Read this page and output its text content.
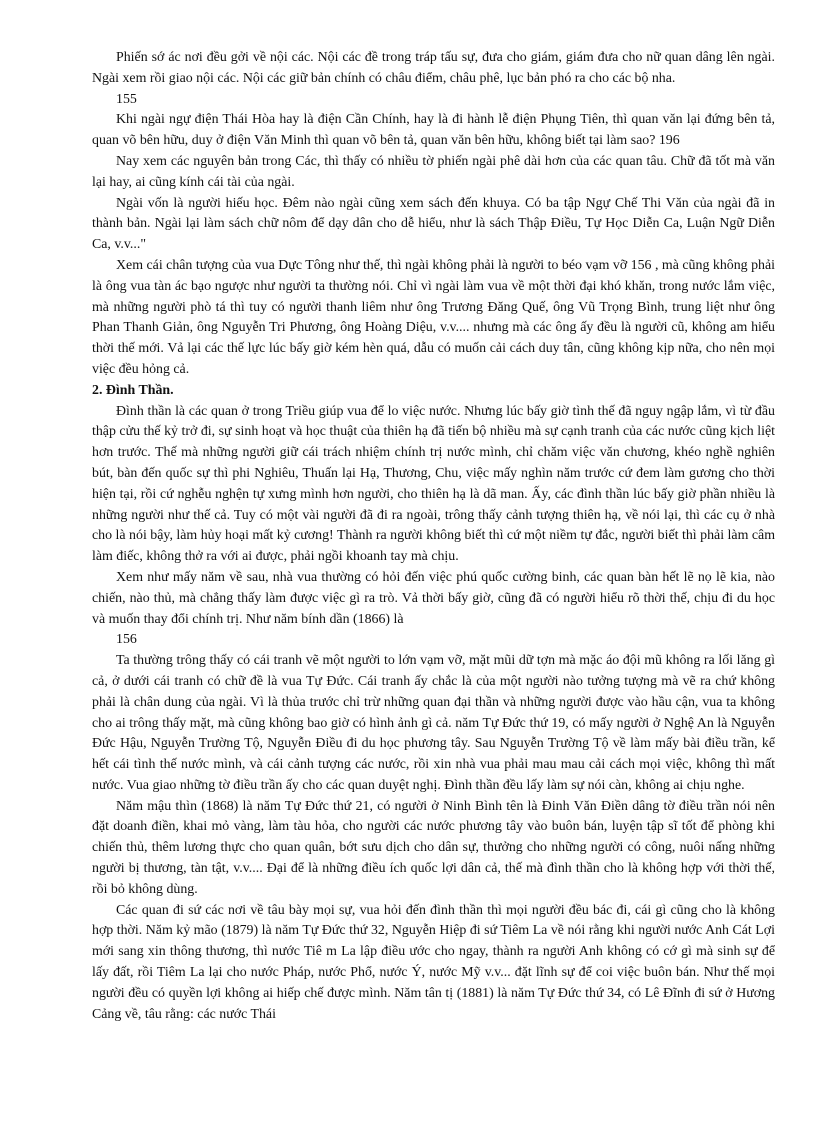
Phiến sớ ác nơi đều gởi về nội các. Nội các đề trong tráp tấu sự, đưa cho giám, giám đưa cho nữ quan dâng lên ngài. Ngài xem rồi giao nội các. Nội các giữ bản chính có châu điểm, châu phê, lục bản phó ra cho các bộ nha.

155

Khi ngài ngự điện Thái Hòa hay là điện Cần Chính, hay là đi hành lễ điện Phụng Tiên, thì quan văn lại đứng bên tả, quan võ bên hữu, duy ở điện Văn Minh thì quan võ bên tả, quan văn bên hữu, không biết tại làm sao? 196

Nay xem các nguyên bản trong Các, thì thấy có nhiều tờ phiến ngài phê dài hơn của các quan tâu. Chữ đã tốt mà văn lại hay, ai cũng kính cái tài của ngài.

Ngài vốn là người hiếu học. Đêm nào ngài cũng xem sách đến khuya. Có ba tập Ngự Chế Thi Văn của ngài đã in thành bản. Ngài lại làm sách chữ nôm để dạy dân cho dễ hiểu, như là sách Thập Điều, Tự Học Diễn Ca, Luận Ngữ Diễn Ca, v.v..."

Xem cái chân tượng của vua Dực Tông như thế, thì ngài không phải là người to béo vạm vỡ 156 , mà cũng không phải là ông vua tàn ác bạo ngược như người ta thường nói. Chỉ vì ngài làm vua về một thời đại khó khăn, trong nước lắm việc, mà những người phò tá thì tuy có người thanh liêm như ông Trương Đăng Quế, ông Vũ Trọng Bình, trung liệt như ông Phan Thanh Giản, ông Nguyễn Tri Phương, ông Hoàng Diệu, v.v.... nhưng mà các ông ấy đều là người cũ, không am hiểu thời thế mới. Vả lại các thế lực lúc bấy giờ kém hèn quá, dẫu có muốn cải cách duy tân, cũng không kịp nữa, cho nên mọi việc đều hỏng cả.

2. Đình Thần.

Đình thần là các quan ở trong Triều giúp vua để lo việc nước. Nhưng lúc bấy giờ tình thế đã nguy ngập lắm, vì từ đầu thập cửu thế kỷ trở đi, sự sinh hoạt và học thuật của thiên hạ đã tiến bộ nhiều mà sự cạnh tranh của các nước cũng kịch liệt hơn trước. Thế mà những người giữ cái trách nhiệm chính trị nước mình, chỉ chăm việc văn chương, khéo nghề nghiên bút, bàn đến quốc sự thì phi Nghiêu, Thuấn lại Hạ, Thương, Chu, việc mấy nghìn năm trước cứ đem làm gương cho thời hiện tại, rồi cứ nghễu nghện tự xưng mình hơn người, cho thiên hạ là dã man. Ấy, các đình thần lúc bấy giờ phần nhiều là những người như thế cả. Tuy có một vài người đã đi ra ngoài, trông thấy cảnh tượng thiên hạ, về nói lại, thì các cụ ở nhà cho là nói bậy, làm hủy hoại mất kỷ cương! Thành ra người không biết thì cứ một niềm tự đắc, người biết thì phải làm câm làm điếc, không thở ra với ai được, phải ngồi khoanh tay mà chịu.

Xem như mấy năm về sau, nhà vua thường có hỏi đến việc phú quốc cường binh, các quan bàn hết lẽ nọ lẽ kia, nào chiến, nào thủ, mà chẳng thấy làm được việc gì ra trò. Vả thời bấy giờ, cũng đã có người hiểu rõ thời thế, chịu đi du học và muốn thay đổi chính trị. Như năm bính dần (1866) là

156

Ta thường trông thấy có cái tranh vẽ một người to lớn vạm vỡ, mặt mũi dữ tợn mà mặc áo đội mũ không ra lối lăng gì cả, ở dưới cái tranh có chữ đề là vua Tự Đức. Cái tranh ấy chắc là của một người nào tưởng tượng mà vẽ ra chứ không phải là chân dung của ngài. Vì là thủa trước chỉ trừ những quan đại thần và những người được vào hầu cận, vua ta không cho ai trông thấy mặt, mà cũng không bao giờ có hình ảnh gì cả. năm Tự Đức thứ 19, có mấy người ở Nghệ An là Nguyễn Đức Hậu, Nguyễn Trường Tộ, Nguyễn Điều đi du học phương tây. Sau Nguyễn Trường Tộ về làm mấy bài điều trần, kể hết cái tình thế nước mình, và cái cảnh tượng các nước, rồi xin nhà vua phải mau mau cải cách mọi việc, không thì mất nước. Vua giao những tờ điều trần ấy cho các quan duyệt nghị. Đình thần đều lấy làm sự nói càn, không ai chịu nghe.

Năm mậu thìn (1868) là năm Tự Đức thứ 21, có người ở Ninh Bình tên là Đinh Văn Điền dâng tờ điều trần nói nên đặt doanh điền, khai mỏ vàng, làm tàu hỏa, cho người các nước phương tây vào buôn bán, luyện tập sĩ tốt để phòng khi chiến thủ, thêm lương thực cho quan quân, bớt sưu dịch cho dân sự, thưởng cho những người có công, nuôi nấng những người bị thương, tàn tật, v.v.... Đại để là những điều ích quốc lợi dân cả, thế mà đình thần cho là không hợp với thời thế, rồi bỏ không dùng.

Các quan đi sứ các nơi về tâu bày mọi sự, vua hỏi đến đình thần thì mọi người đều bác đi, cái gì cũng cho là không hợp thời. Năm kỷ mão (1879) là năm Tự Đức thứ 32, Nguyễn Hiệp đi sứ Tiêm La về nói rằng khi người nước Anh Cát Lợi mới sang xin thông thương, thì nước Tiê m La lập điều ước cho ngay, thành ra người Anh không có cớ gì mà sinh sự để lấy đất, rồi Tiêm La lại cho nước Pháp, nước Phổ, nước Ý, nước Mỹ v.v... đặt lĩnh sự để coi việc buôn bán. Như thế mọi người đều có quyền lợi không ai hiếp chế được mình. Năm tân tị (1881) là năm Tự Đức thứ 34, có Lê Đĩnh đi sứ ở Hương Cảng về, tâu rằng: các nước Thái
